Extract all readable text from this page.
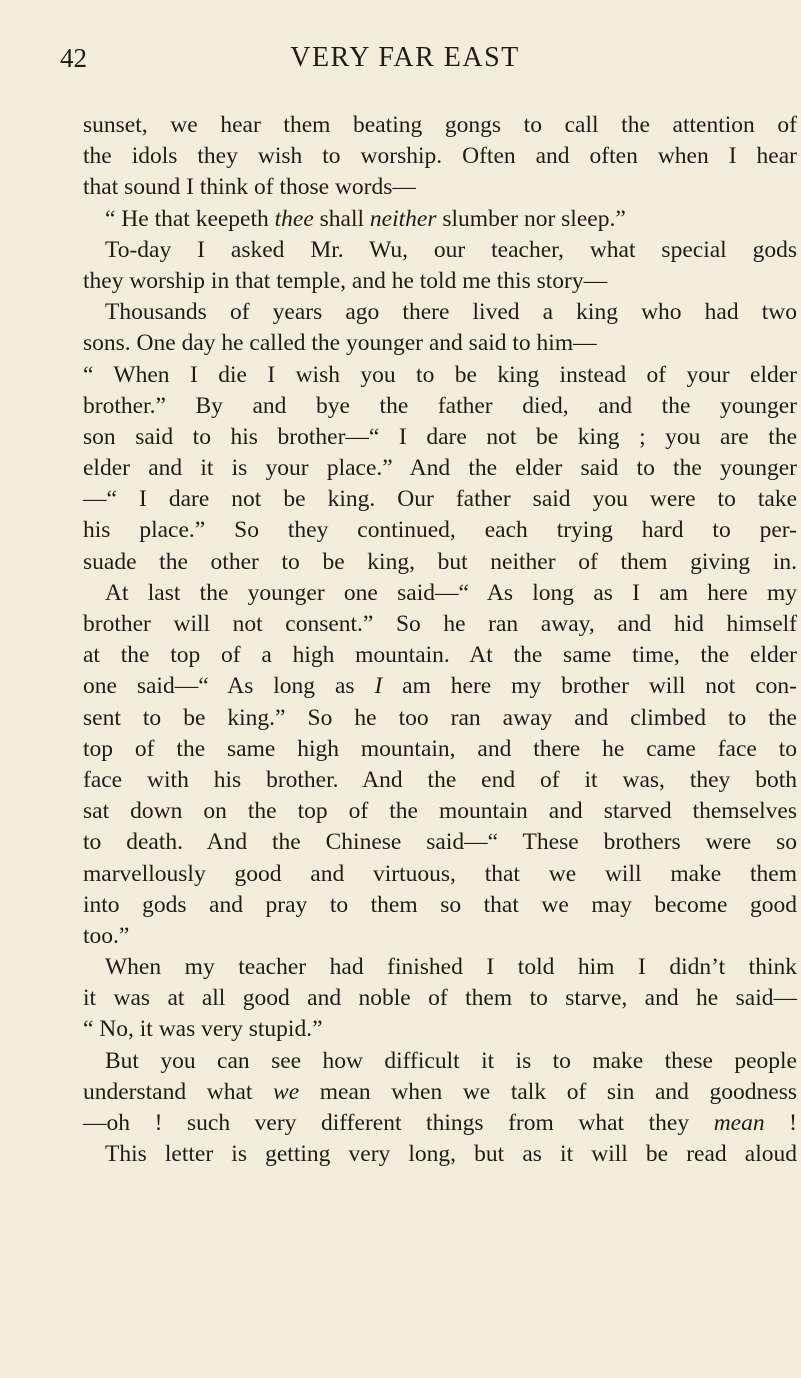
42	VERY FAR EAST
sunset, we hear them beating gongs to call the attention of
the idols they wish to worship. Often and often when I hear
that sound I think of those words—
“ He that keepeth thee shall neither slumber nor sleep.”
To-day I asked Mr. Wu, our teacher, what special gods
they worship in that temple, and he told me this story—
Thousands of years ago there lived a king who had two
sons. One day he called the younger and said to him—
“ When I die I wish you to be king instead of your elder
brother.” By and bye the father died, and the younger
son said to his brother—“ I dare not be king ; you are the
elder and it is your place.” And the elder said to the younger
—“ I dare not be king. Our father said you were to take
his place.” So they continued, each trying hard to per-
suade the other to be king, but neither of them giving in.
At last the younger one said—“ As long as I am here my
brother will not consent.” So he ran away, and hid himself
at the top of a high mountain. At the same time, the elder
one said—“ As long as I am here my brother will not con-
sent to be king.” So he too ran away and climbed to the
top of the same high mountain, and there he came face to
face with his brother. And the end of it was, they both
sat down on the top of the mountain and starved themselves
to death. And the Chinese said—“ These brothers were so
marvellously good and virtuous, that we will make them
into gods and pray to them so that we may become good
too.”
When my teacher had finished I told him I didn’t think
it was at all good and noble of them to starve, and he said—
“ No, it was very stupid.”
But you can see how difficult it is to make these people
understand what we mean when we talk of sin and goodness
—oh ! such very different things from what they mean !
This letter is getting very long, but as it will be read aloud
